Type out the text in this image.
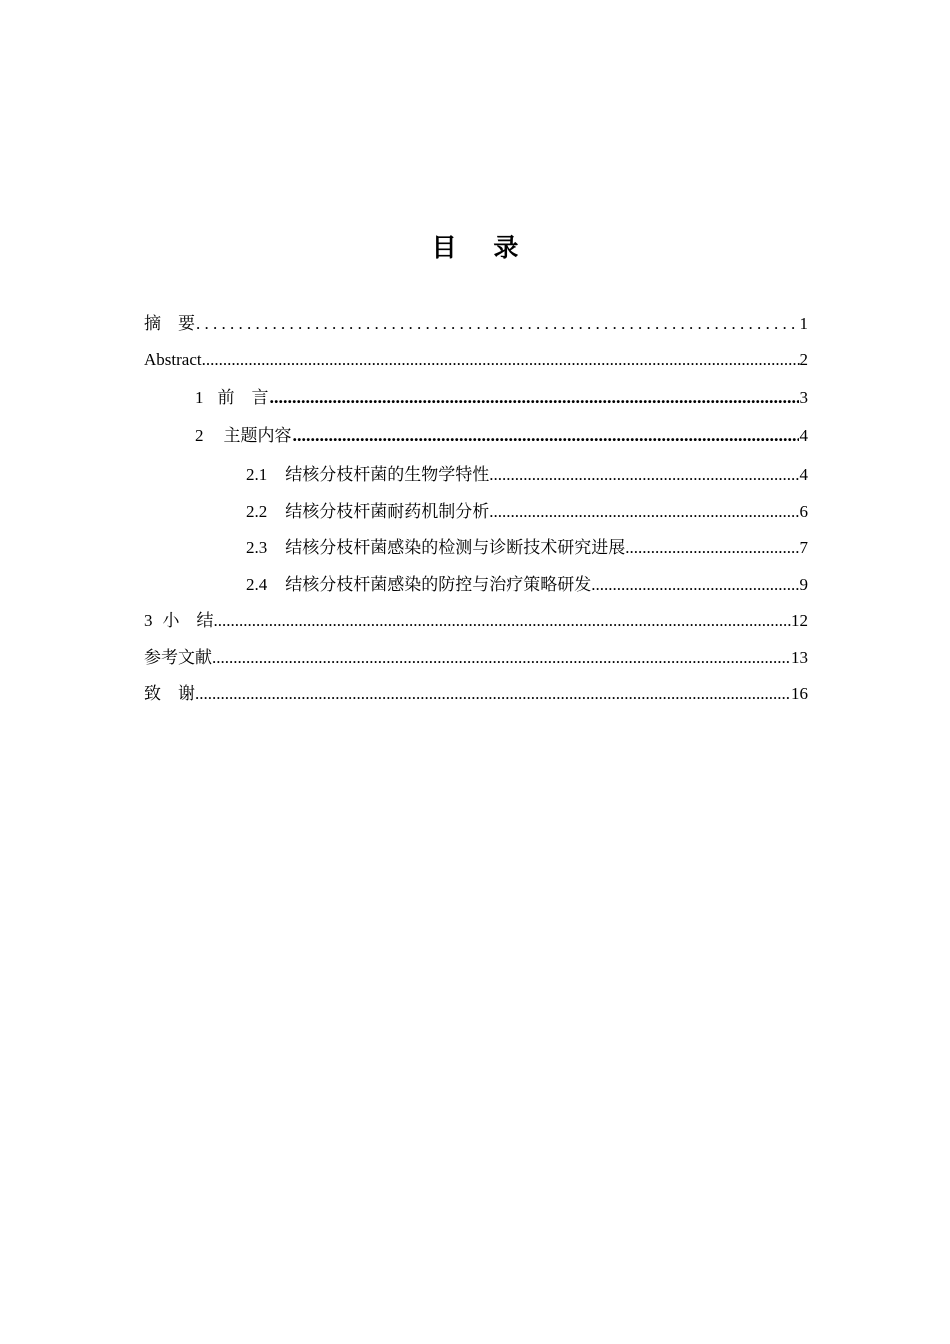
目 录
摘    要 . . .	1
Abstract .....	2
1 前    言 .....	3
2 主题内容 .....	4
2.1 结核分枝杆菌的生物学特性 .....	4
2.2 结核分枝杆菌耐药机制分析 .....	6
2.3 结核分枝杆菌感染的检测与诊断技术研究进展 .....	7
2.4 结核分枝杆菌感染的防控与治疗策略研发 .....	9
3 小    结 .....	12
参考文献 .....	13
致    谢 .....	16
